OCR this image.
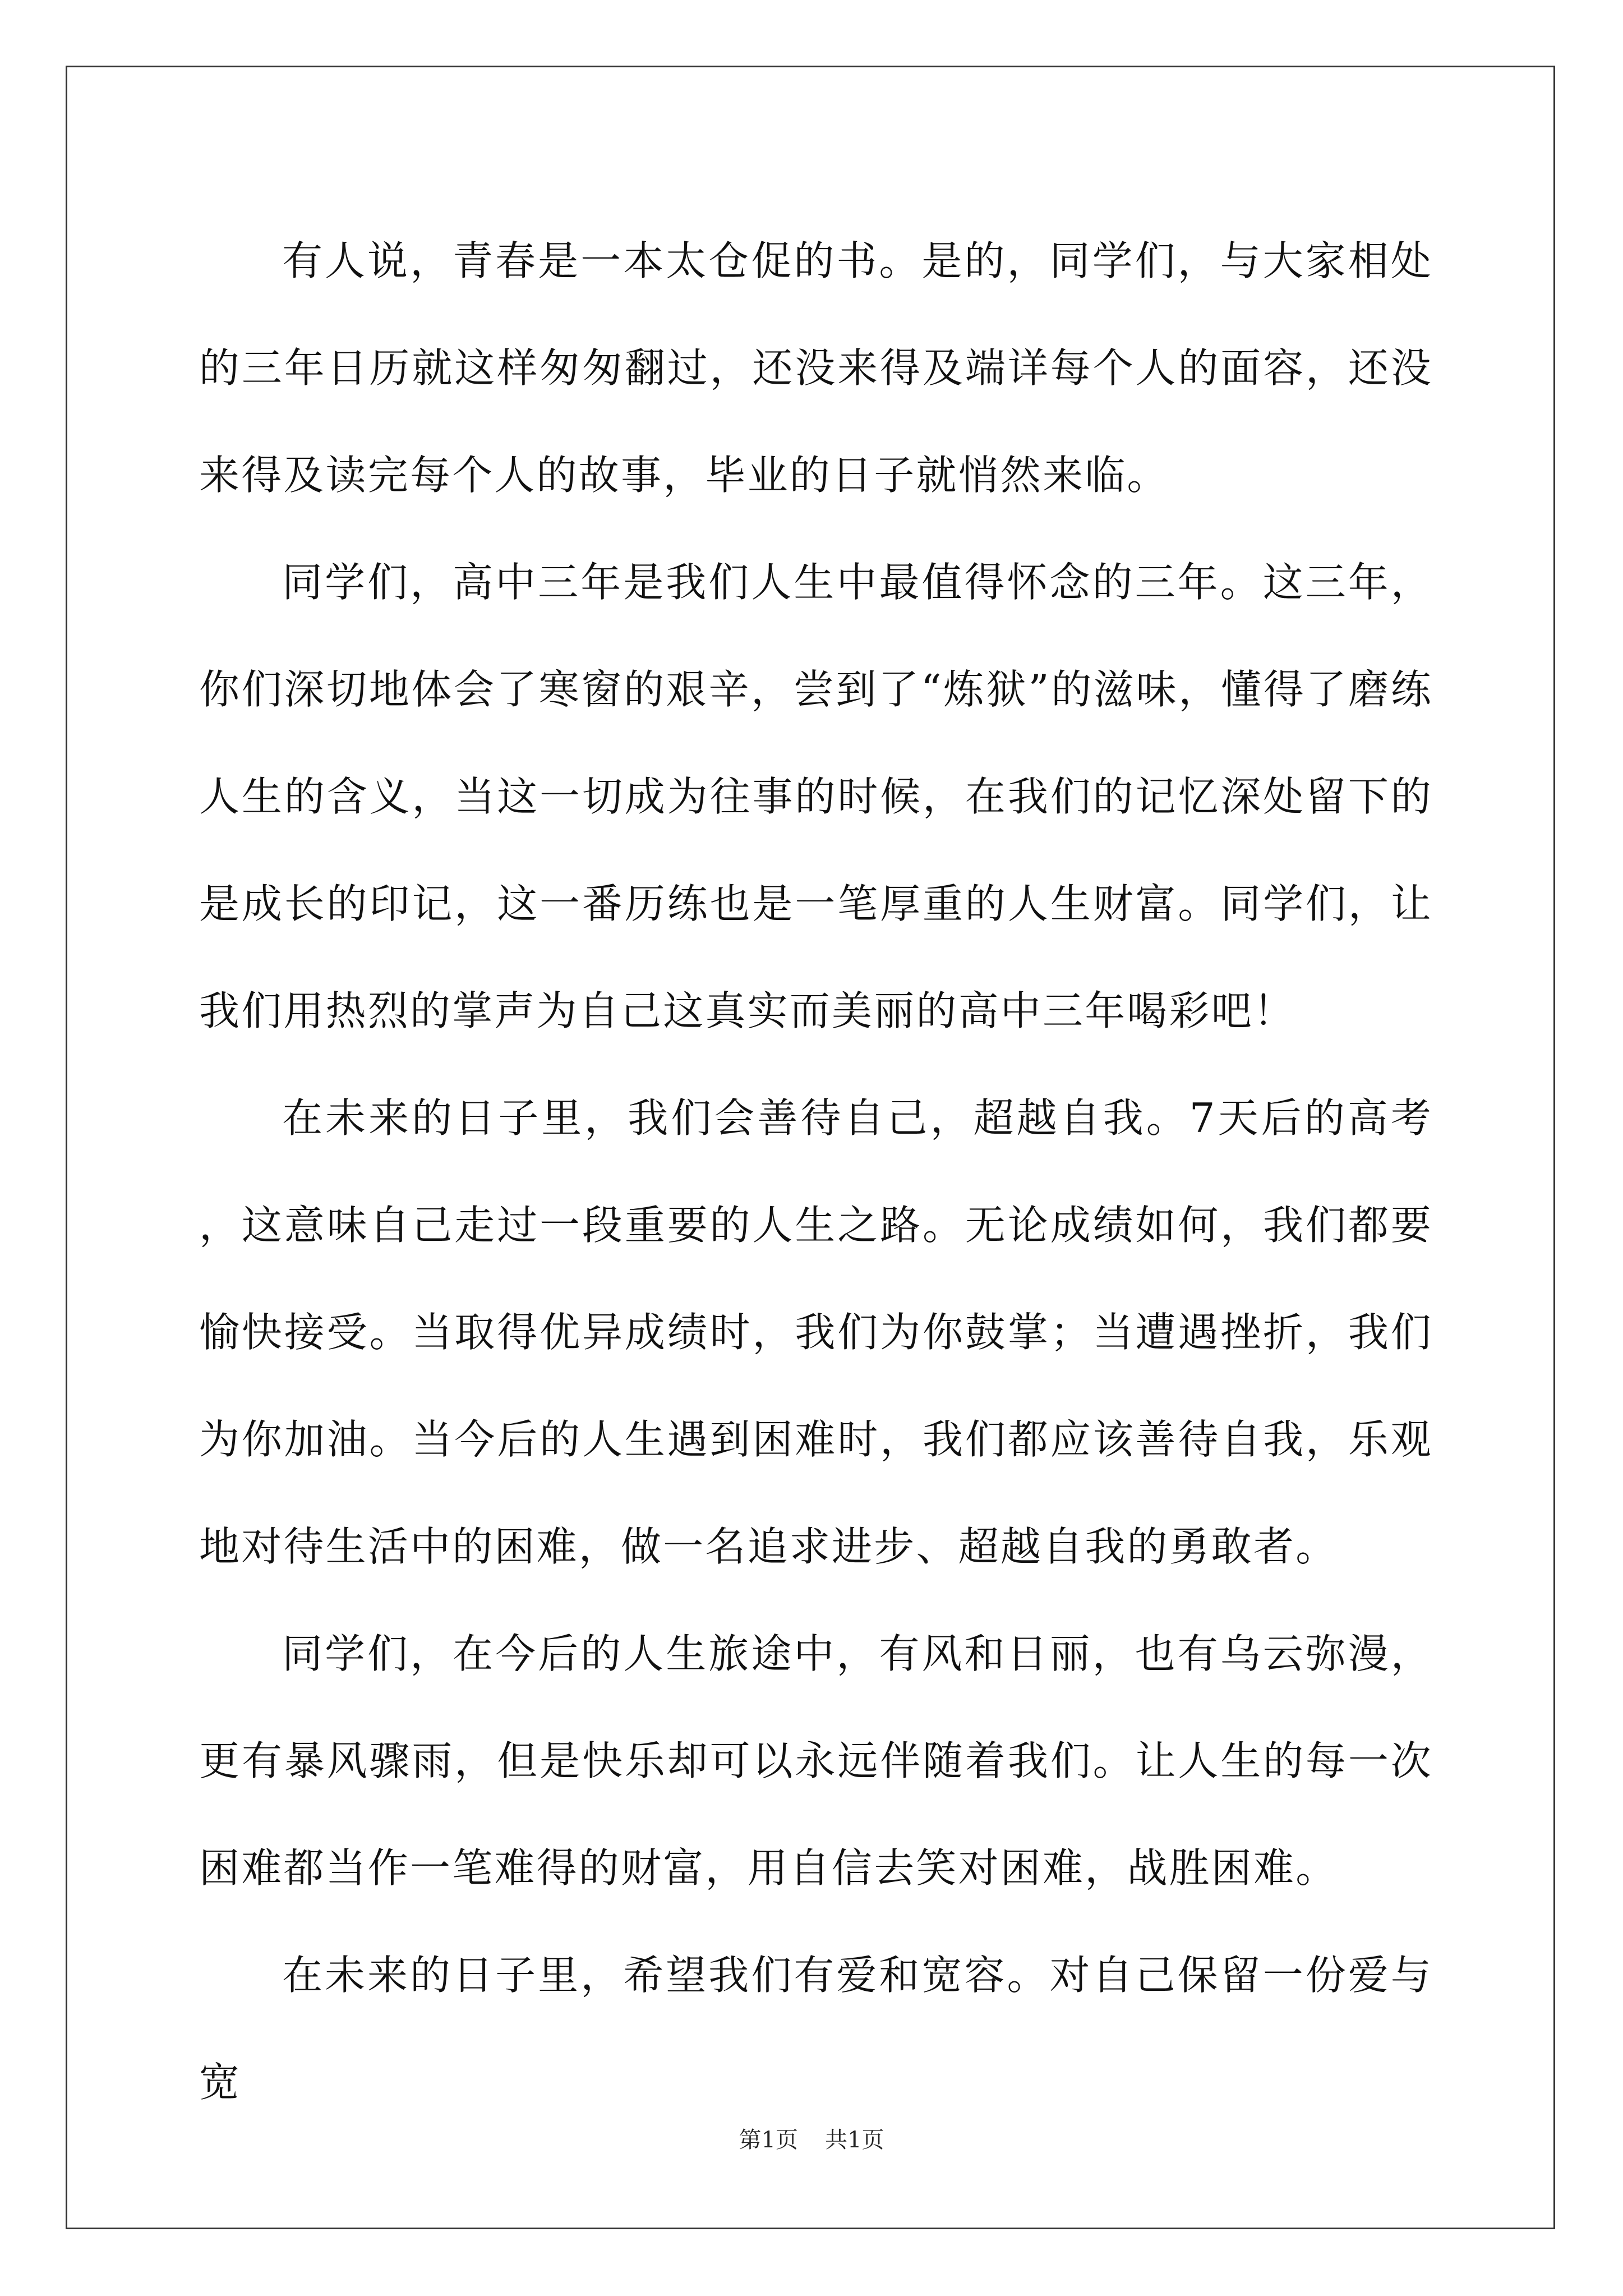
有人说，青春是一本太仓促的书。是的，同学们，与大家相处的三年日历就这样匆匆翻过，还没来得及端详每个人的面容，还没来得及读完每个人的故事，毕业的日子就悄然来临。

同学们，高中三年是我们人生中最值得怀念的三年。这三年，你们深切地体会了寒窗的艰辛，尝到了“炼狱”的滋味，懂得了磨练人生的含义，当这一切成为往事的时候，在我们的记忆深处留下的是成长的印记，这一番历练也是一笔厚重的人生财富。同学们，让我们用热烈的掌声为自己这真实而美丽的高中三年喝彩吧！

在未来的日子里，我们会善待自己，超越自我。7天后的高考，这意味自己走过一段重要的人生之路。无论成绩如何，我们都要愉快接受。当取得优异成绩时，我们为你鼓掌；当遭遇挫折，我们为你加油。当今后的人生遇到困难时，我们都应该善待自我，乐观地对待生活中的困难，做一名追求进步、超越自我的勇敢者。

同学们，在今后的人生旅途中，有风和日丽，也有乌云弥漫，更有暴风骤雨，但是快乐却可以永远伴随着我们。让人生的每一次困难都当作一笔难得的财富，用自信去笑对困难，战胜困难。

在未来的日子里，希望我们有爱和宽容。对自己保留一份爱与宽

第1页 共1页
